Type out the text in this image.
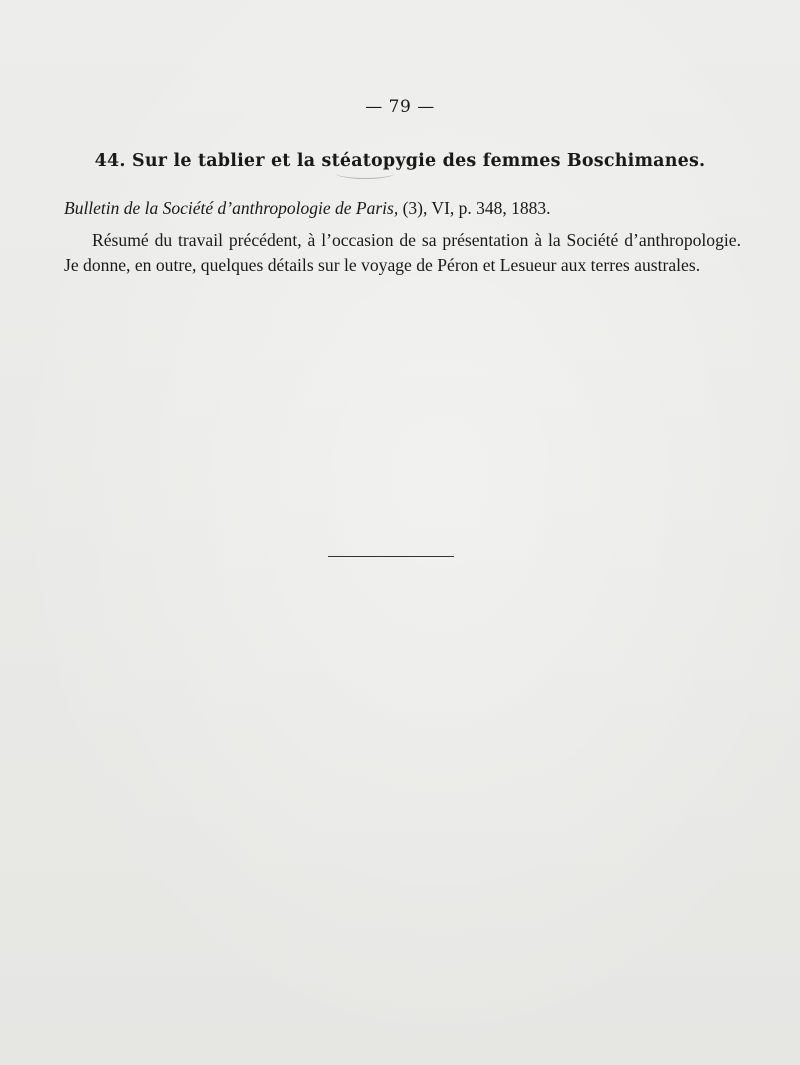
— 79 —
44. Sur le tablier et la stéatopygie des femmes Boschimanes.
Bulletin de la Société d’anthropologie de Paris, (3), VI, p. 348, 1883.

Résumé du travail précédent, à l’occasion de sa présentation à la Société d’anthropologie. Je donne, en outre, quelques détails sur le voyage de Péron et Lesueur aux terres australes.
